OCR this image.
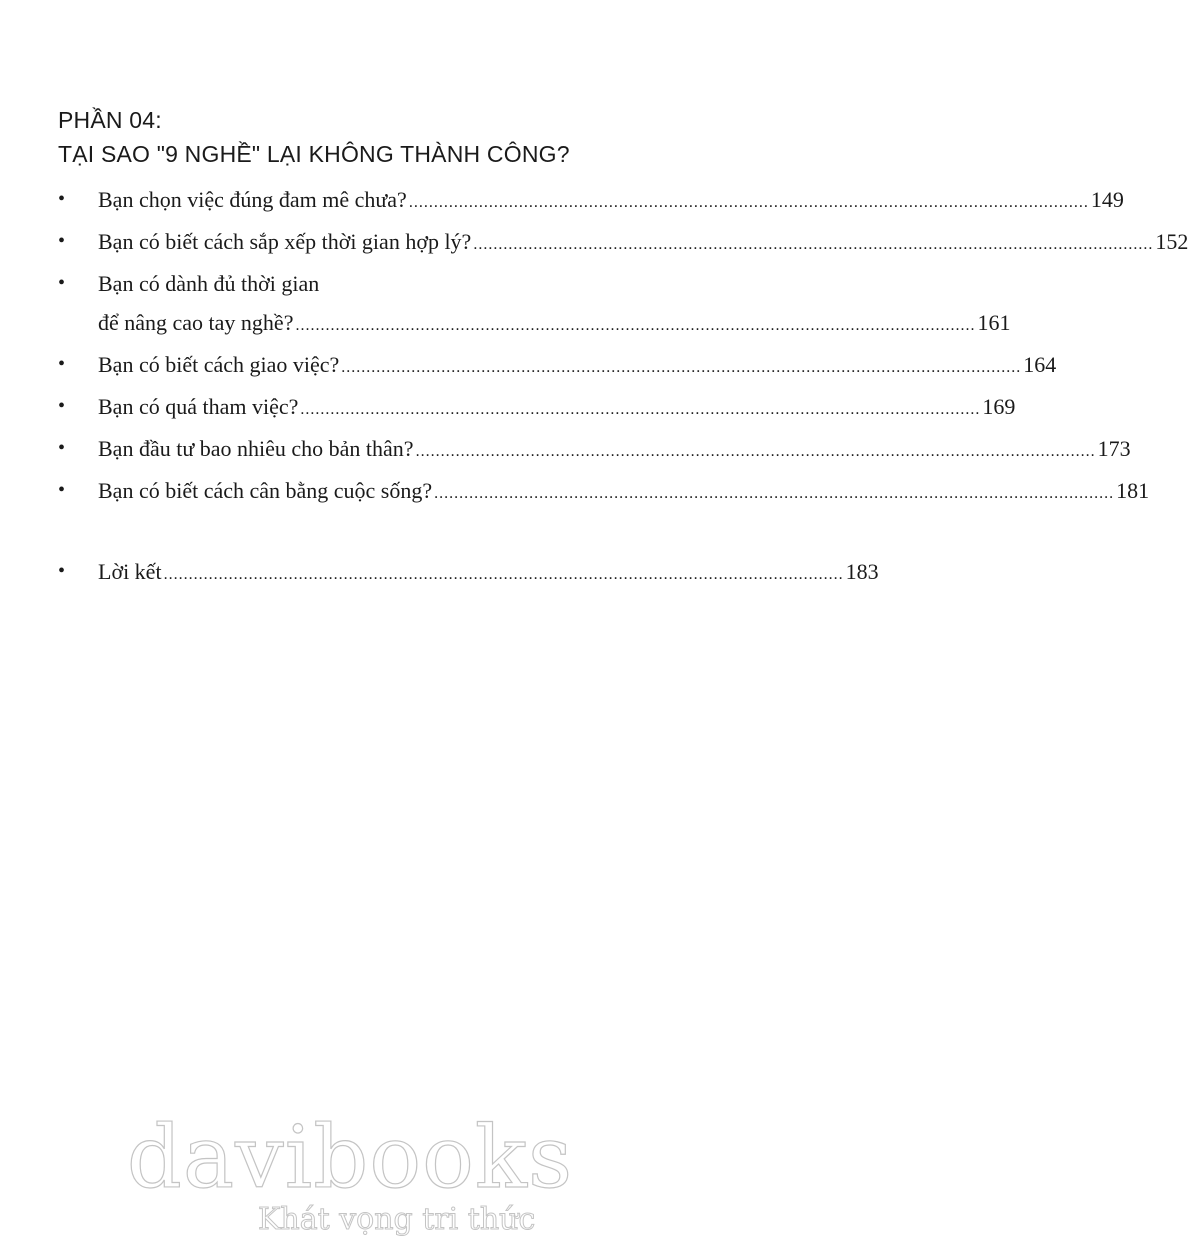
PHẦN 04:
TẠI SAO "9 NGHỀ" LẠI KHÔNG THÀNH CÔNG?
•	Bạn chọn việc đúng đam mê chưa? ........................................................................................................................................ 149
•	Bạn có biết cách sắp xếp thời gian hợp lý? ........................................................................................................................................ 152
•	Bạn có dành đủ thời gian
để nâng cao tay nghề? ........................................................................................................................................ 161
•	Bạn có biết cách giao việc? ........................................................................................................................................ 164
•	Bạn có quá tham việc? ........................................................................................................................................ 169
•	Bạn đầu tư bao nhiêu cho bản thân? ........................................................................................................................................ 173
•	Bạn có biết cách cân bằng cuộc sống? ........................................................................................................................................ 181
•	Lời kết ........................................................................................................................................ 183
davibooks
Khát vọng tri thức
